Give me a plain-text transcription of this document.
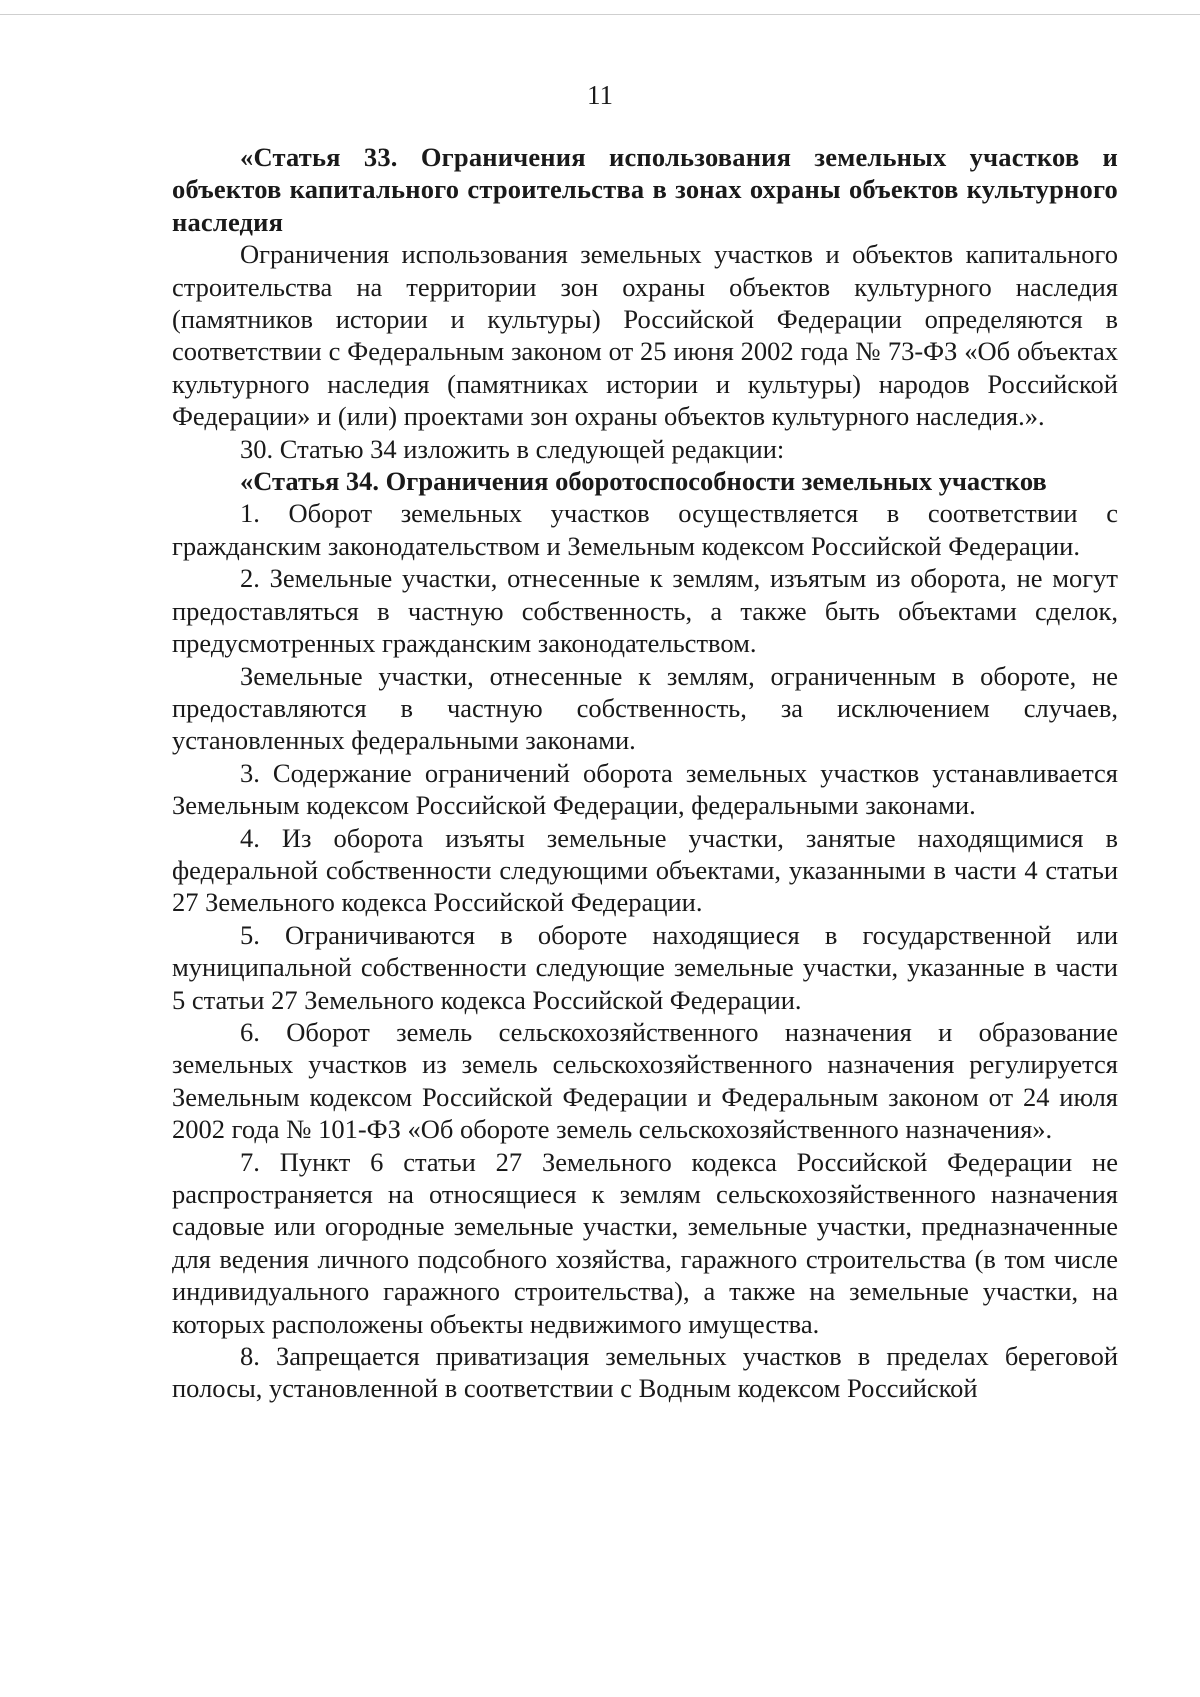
11

«Статья 33. Ограничения использования земельных участков и объектов капитального строительства в зонах охраны объектов культурного наследия

Ограничения использования земельных участков и объектов капитального строительства на территории зон охраны объектов культурного наследия (памятников истории и культуры) Российской Федерации определяются в соответствии с Федеральным законом от 25 июня 2002 года № 73-ФЗ «Об объектах культурного наследия (памятниках истории и культуры) народов Российской Федерации» и (или) проектами зон охраны объектов культурного наследия.».

30. Статью 34 изложить в следующей редакции:

«Статья 34. Ограничения оборотоспособности земельных участков

1. Оборот земельных участков осуществляется в соответствии с гражданским законодательством и Земельным кодексом Российской Федерации.

2. Земельные участки, отнесенные к землям, изъятым из оборота, не могут предоставляться в частную собственность, а также быть объектами сделок, предусмотренных гражданским законодательством.

Земельные участки, отнесенные к землям, ограниченным в обороте, не предоставляются в частную собственность, за исключением случаев, установленных федеральными законами.

3. Содержание ограничений оборота земельных участков устанавливается Земельным кодексом Российской Федерации, федеральными законами.

4. Из оборота изъяты земельные участки, занятые находящимися в федеральной собственности следующими объектами, указанными в части 4 статьи 27 Земельного кодекса Российской Федерации.

5. Ограничиваются в обороте находящиеся в государственной или муниципальной собственности следующие земельные участки, указанные в части 5 статьи 27 Земельного кодекса Российской Федерации.

6. Оборот земель сельскохозяйственного назначения и образование земельных участков из земель сельскохозяйственного назначения регулируется Земельным кодексом Российской Федерации и Федеральным законом от 24 июля 2002 года № 101-ФЗ «Об обороте земель сельскохозяйственного назначения».

7. Пункт 6 статьи 27 Земельного кодекса Российской Федерации не распространяется на относящиеся к землям сельскохозяйственного назначения садовые или огородные земельные участки, земельные участки, предназначенные для ведения личного подсобного хозяйства, гаражного строительства (в том числе индивидуального гаражного строительства), а также на земельные участки, на которых расположены объекты недвижимого имущества.

8. Запрещается приватизация земельных участков в пределах береговой полосы, установленной в соответствии с Водным кодексом Российской
